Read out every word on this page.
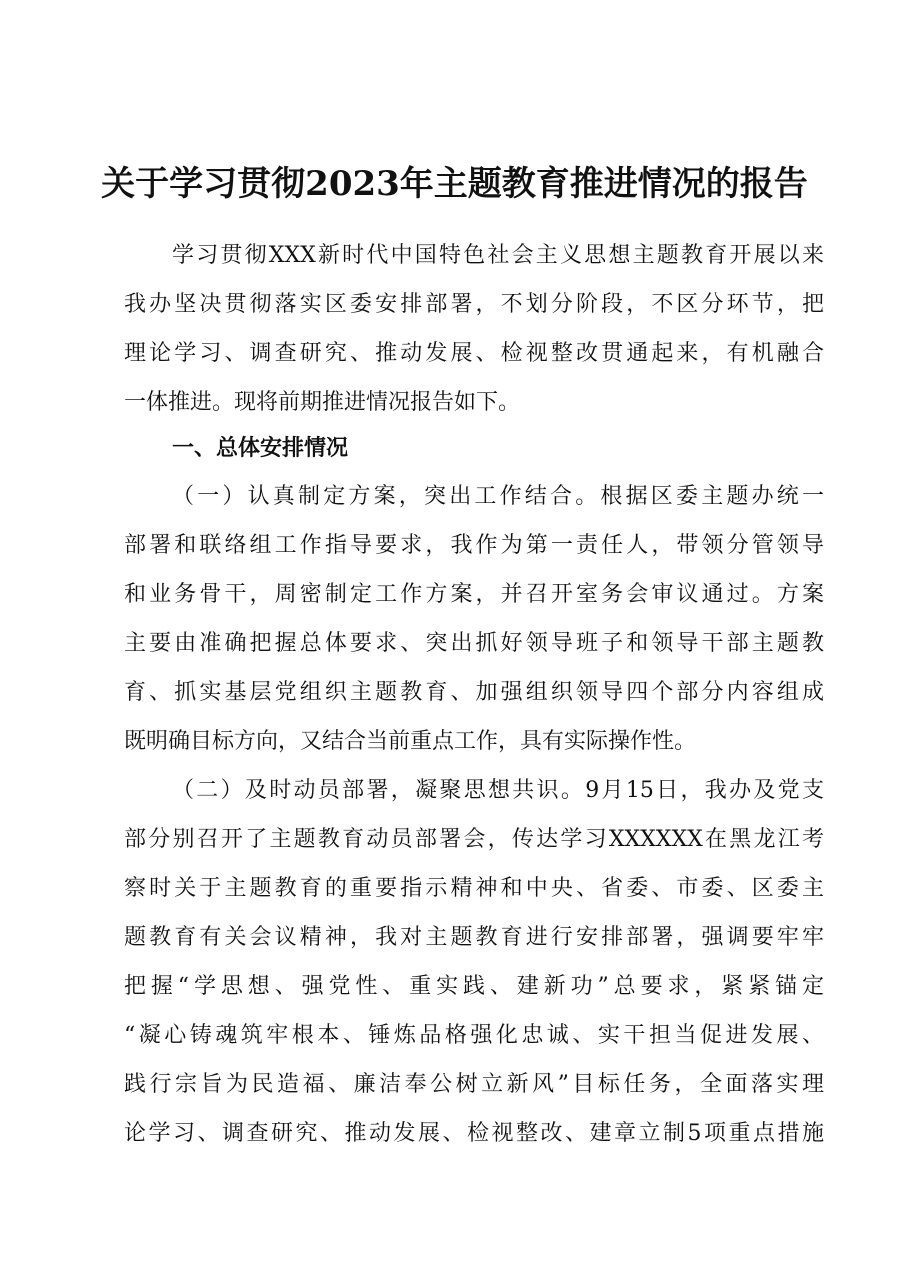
关于学习贯彻2023年主题教育推进情况的报告
学习贯彻XXX新时代中国特色社会主义思想主题教育开展以来
我办坚决贯彻落实区委安排部署，不划分阶段，不区分环节，把
理论学习、调查研究、推动发展、检视整改贯通起来，有机融合
一体推进。现将前期推进情况报告如下。
一、总体安排情况
（一）认真制定方案，突出工作结合。根据区委主题办统一
部署和联络组工作指导要求，我作为第一责任人，带领分管领导
和业务骨干，周密制定工作方案，并召开室务会审议通过。方案
主要由准确把握总体要求、突出抓好领导班子和领导干部主题教
育、抓实基层党组织主题教育、加强组织领导四个部分内容组成
既明确目标方向，又结合当前重点工作，具有实际操作性。
（二）及时动员部署，凝聚思想共识。9月15日，我办及党支
部分别召开了主题教育动员部署会，传达学习XXXXXX在黑龙江考
察时关于主题教育的重要指示精神和中央、省委、市委、区委主
题教育有关会议精神，我对主题教育进行安排部署，强调要牢牢
把握“学思想、强党性、重实践、建新功”总要求，紧紧锚定
“凝心铸魂筑牢根本、锤炼品格强化忠诚、实干担当促进发展、
践行宗旨为民造福、廉洁奉公树立新风”目标任务，全面落实理
论学习、调查研究、推动发展、检视整改、建章立制5项重点措施
